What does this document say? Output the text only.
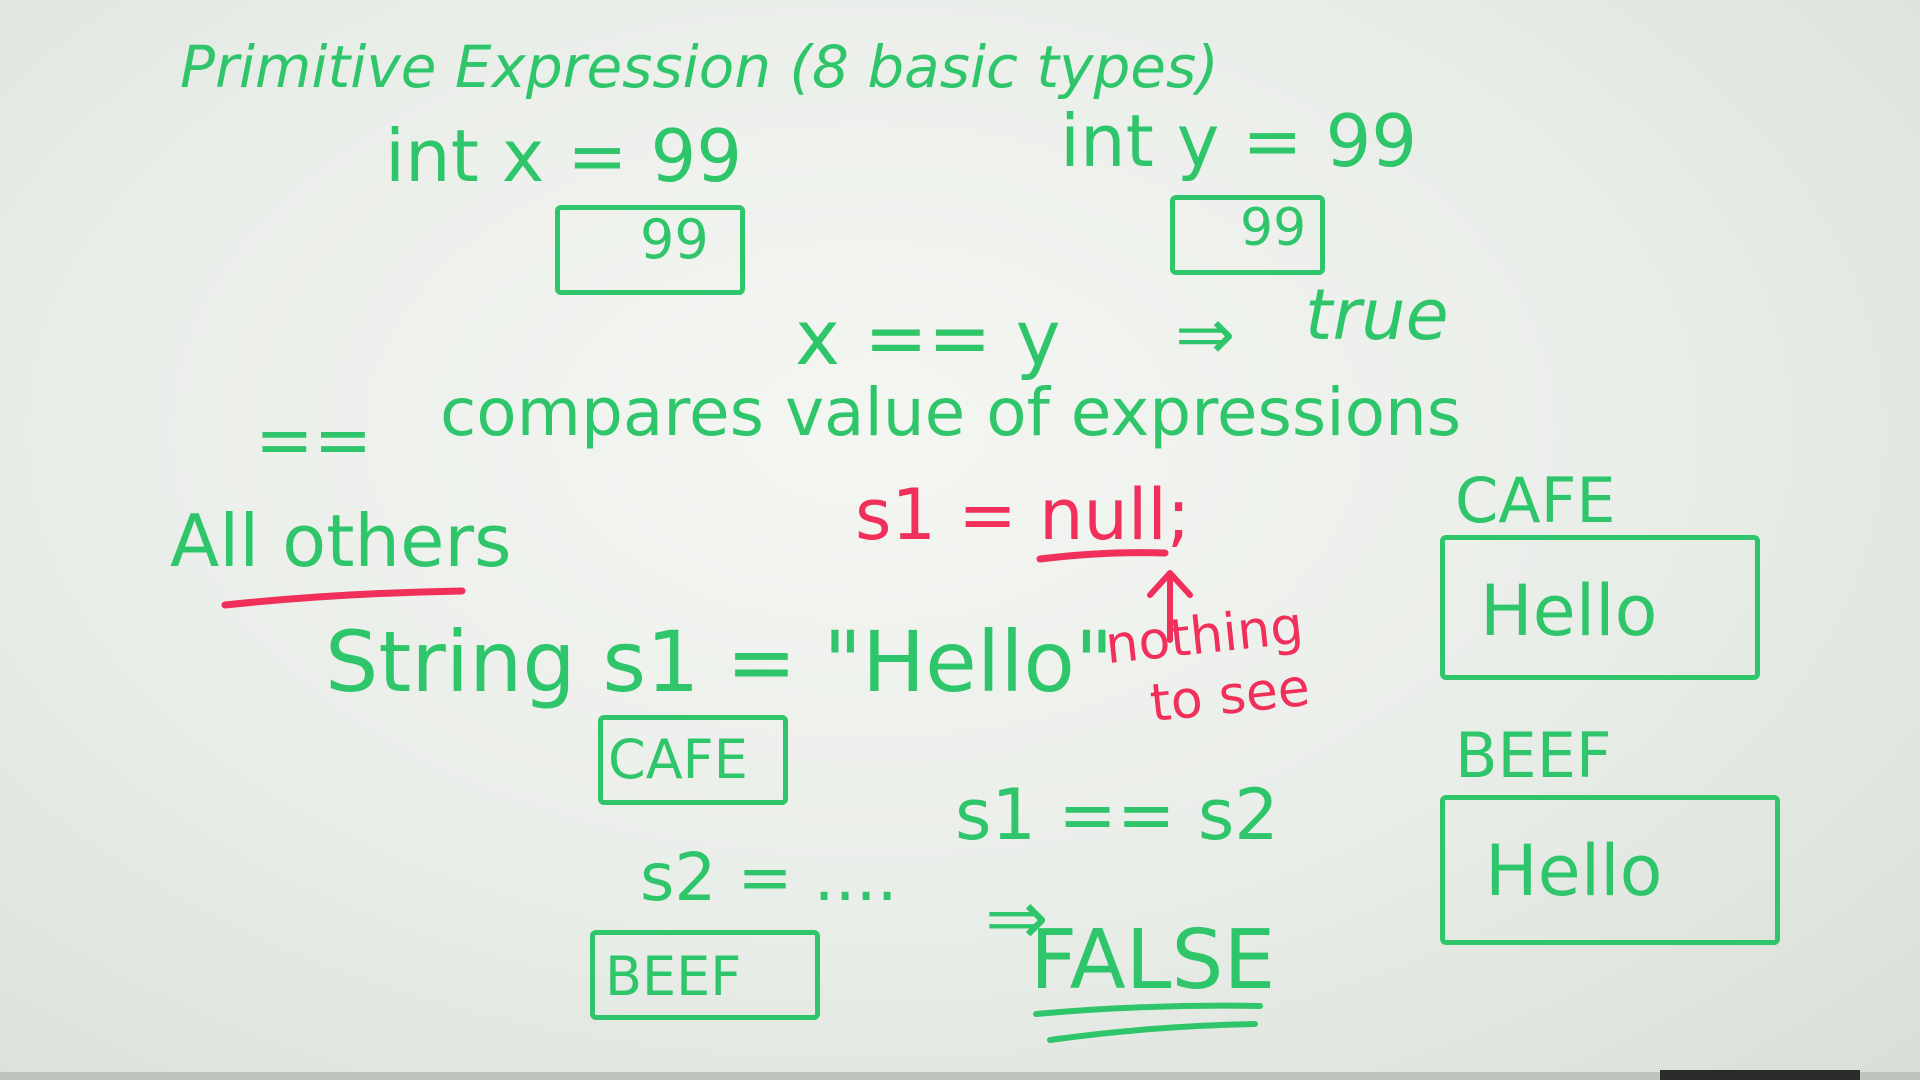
Primitive Expression (8 basic types)
int x = 99
99
int y = 99
99
x == y ⇒ true
== compares value of expressions
All others	s1 = null;
nothing
to see
String s1 = "Hello"
CAFE
s1 == s2
s2 = ....
BEEF
⇒
FALSE
CAFE
Hello
BEEF
Hello
